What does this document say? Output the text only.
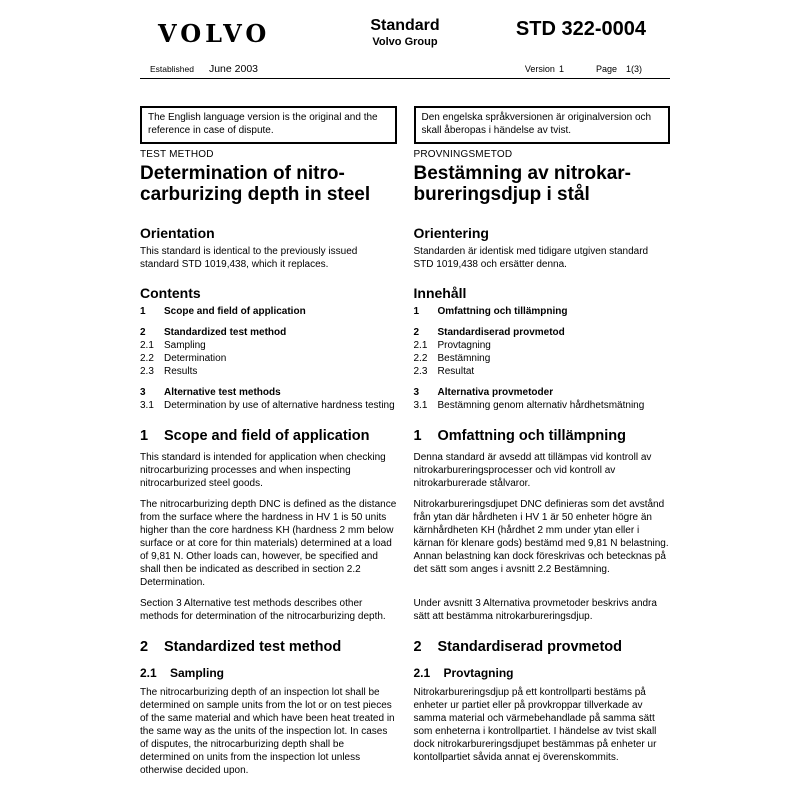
VOLVO	Standard
Volvo Group
STD 322-0004
Established June 2003	Version 1	Page 1(3)
The English language version is the original and the reference in case of dispute.
Den engelska språkversionen är originalversion och skall åberopas i händelse av tvist.
TEST METHOD	PROVNINGSMETOD
Determination of nitro-
carburizing depth in steel
Bestämning av nitrokar-
bureringsdjup i stål
Orientation	Orientering
This standard is identical to the previously issued standard STD 1019,438, which it replaces.
Standarden är identisk med tidigare utgiven standard STD 1019,438 och ersätter denna.
Contents	Innehåll
1	Scope and field of application
2	Standardized test method
2.1	Sampling
2.2	Determination
2.3	Results
3	Alternative test methods
3.1	Determination by use of alternative hardness testing
1	Omfattning och tillämpning
2	Standardiserad provmetod
2.1	Provtagning
2.2	Bestämning
2.3	Resultat
3	Alternativa provmetoder
3.1	Bestämning genom alternativ hårdhetsmätning
1 Scope and field of application	1 Omfattning och tillämpning
This standard is intended for application when checking nitrocarburizing processes and when inspecting nitrocarburized steel goods.
Denna standard är avsedd att tillämpas vid kontroll av nitrokarbureringsprocesser och vid kontroll av nitrokarburerade stålvaror.
The nitrocarburizing depth DNC is defined as the distance from the surface where the hardness in HV 1 is 50 units higher than the core hardness KH (hardness 2 mm below surface or at core for thin materials) determined at a load of 9,81 N. Other loads can, however, be specified and shall then be indicated as described in section 2.2 Determination.
Nitrokarbureringsdjupet DNC definieras som det avstånd från ytan där hårdheten i HV 1 är 50 enheter högre än kärnhårdheten KH (hårdhet 2 mm under ytan eller i kärnan för klenare gods) bestämd med 9,81 N belastning. Annan belastning kan dock föreskrivas och betecknas på det sätt som anges i avsnitt 2.2 Bestämning.
Section 3 Alternative test methods describes other methods for determination of the nitrocarburizing depth.
Under avsnitt 3 Alternativa provmetoder beskrivs andra sätt att bestämma nitrokarbureringsdjup.
2 Standardized test method	2 Standardiserad provmetod
2.1 Sampling	2.1 Provtagning
The nitrocarburizing depth of an inspection lot shall be determined on sample units from the lot or on test pieces of the same material and which have been heat treated in the same way as the units of the inspection lot. In cases of disputes, the nitrocarburizing depth shall be determined on units from the inspection lot unless otherwise decided upon.
Nitrokarbureringsdjup på ett kontrollparti bestäms på enheter ur partiet eller på provkroppar tillverkade av samma material och värmebehandlade på samma sätt som enheterna i kontrollpartiet. I händelse av tvist skall dock nitrokarbureringsdjupet bestämmas på enheter ur kontollpartiet såvida annat ej överenskommits.
